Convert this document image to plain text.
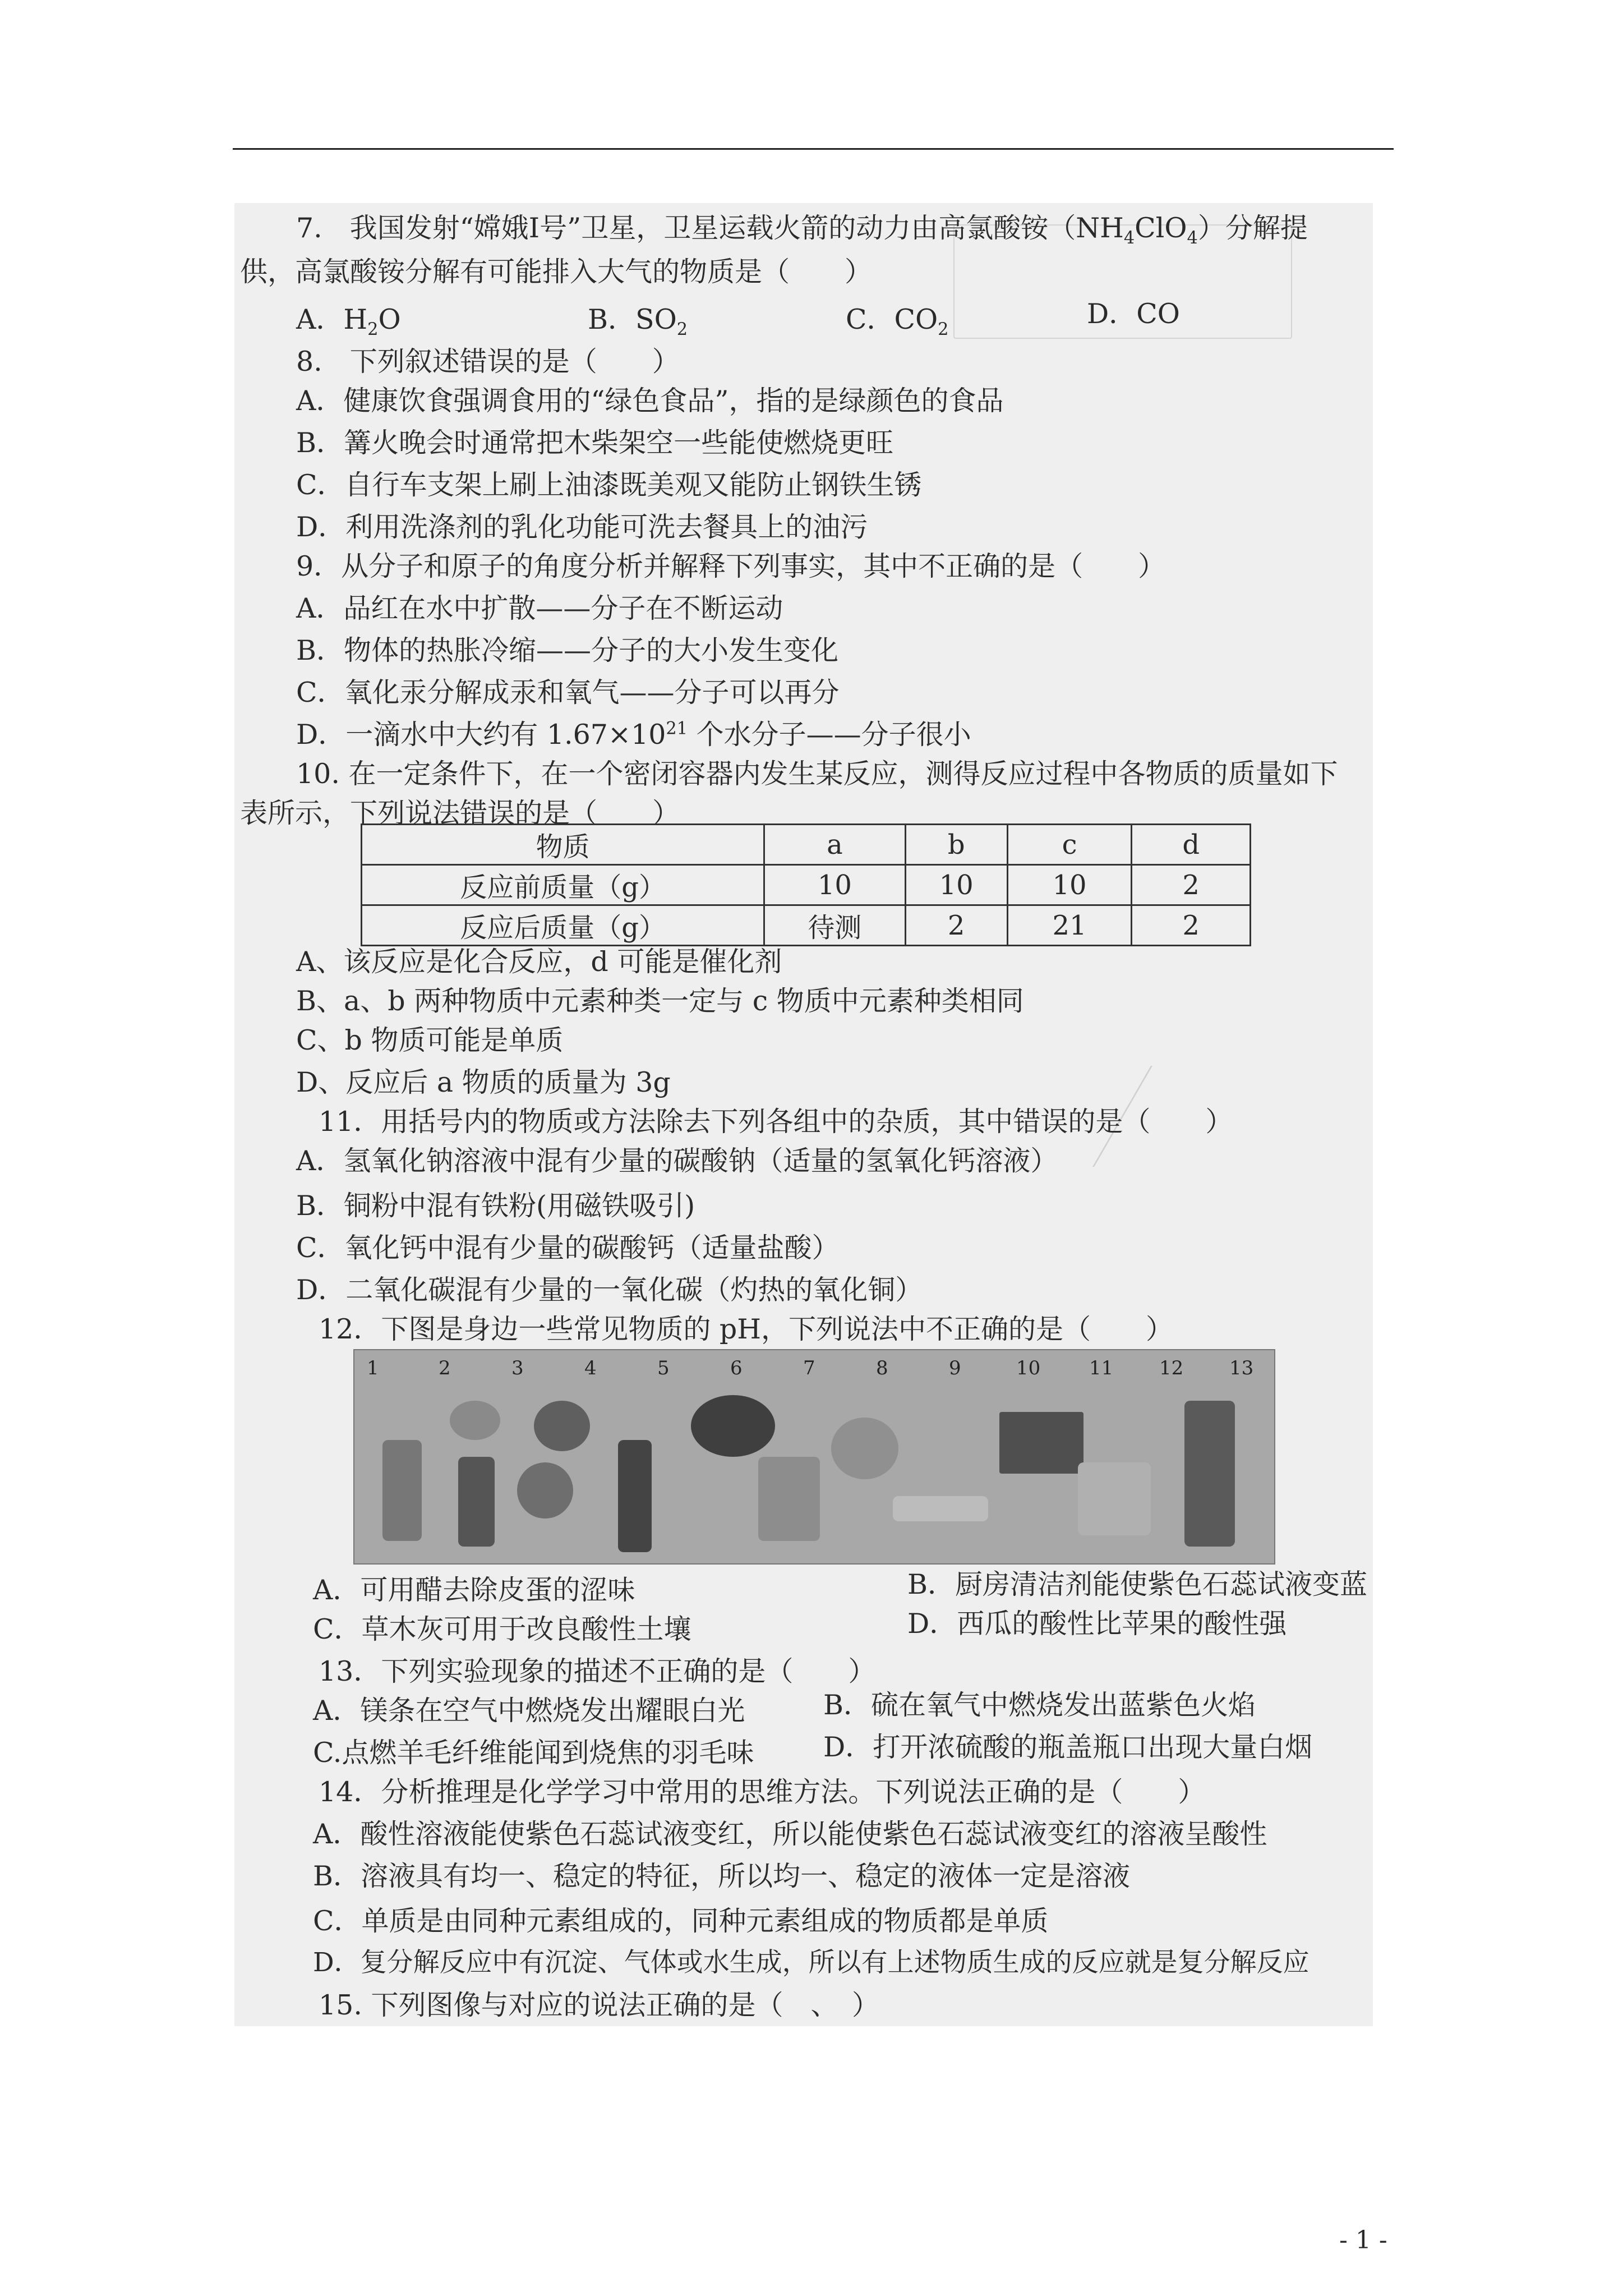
7.　我国发射“嫦娥Ⅰ号”卫星，卫星运载火箭的动力由高氯酸铵$(NH_4ClO_4)$分解提
供，高氯酸铵分解有可能排入大气的物质是（　　）
A．$H_2O$	B．$SO_2$	C．$CO_2$	D．CO
8.　下列叙述错误的是（　　）
A．健康饮食强调食用的“绿色食品”，指的是绿颜色的食品
B．篝火晚会时通常把木柴架空一些能使燃烧更旺
C．自行车支架上刷上油漆既美观又能防止钢铁生锈
D．利用洗涤剂的乳化功能可洗去餐具上的油污
9．从分子和原子的角度分析并解释下列事实，其中不正确的是（　　）
A．品红在水中扩散——分子在不断运动
B．物体的热胀冷缩——分子的大小发生变化
C．氧化汞分解成汞和氧气——分子可以再分
D．一滴水中大约有 $1.67\times 10^{21}$ 个水分子——分子很小
10. 在一定条件下，在一个密闭容器内发生某反应，测得反应过程中各物质的质量如下
表所示，下列说法错误的是（　　）
物质	a	b	c	d
反应前质量（g）	10	10	10	2
反应后质量（g）	待测	2	21	2
A、该反应是化合反应，d 可能是催化剂
B、a、b 两种物质中元素种类一定与 c 物质中元素种类相同
C、b 物质可能是单质
D、反应后 a 物质的质量为 3g
11．用括号内的物质或方法除去下列各组中的杂质，其中错误的是（　　）
A．氢氧化钠溶液中混有少量的碳酸钠（适量的氢氧化钙溶液）
B．铜粉中混有铁粉(用磁铁吸引)
C．氧化钙中混有少量的碳酸钙（适量盐酸）
D．二氧化碳混有少量的一氧化碳（灼热的氧化铜）
12．下图是身边一些常见物质的 pH，下列说法中不正确的是（　　）
1	2	3	4	5	6	7	8	9	10	11 12 13
A．可用醋去除皮蛋的涩味	B．厨房清洁剂能使紫色石蕊试液变蓝
C．草木灰可用于改良酸性土壤	D．西瓜的酸性比苹果的酸性强
13．下列实验现象的描述不正确的是（　　）
A．镁条在空气中燃烧发出耀眼白光	B．硫在氧气中燃烧发出蓝紫色火焰
C.点燃羊毛纤维能闻到烧焦的羽毛味	D．打开浓硫酸的瓶盖瓶口出现大量白烟
14．分析推理是化学学习中常用的思维方法。下列说法正确的是（　　）
A．酸性溶液能使紫色石蕊试液变红，所以能使紫色石蕊试液变红的溶液呈酸性
B．溶液具有均一、稳定的特征，所以均一、稳定的液体一定是溶液
C．单质是由同种元素组成的，同种元素组成的物质都是单质
D．复分解反应中有沉淀、气体或水生成，所以有上述物质生成的反应就是复分解反应
15. 下列图像与对应的说法正确的是（　、　）
- 1 -
